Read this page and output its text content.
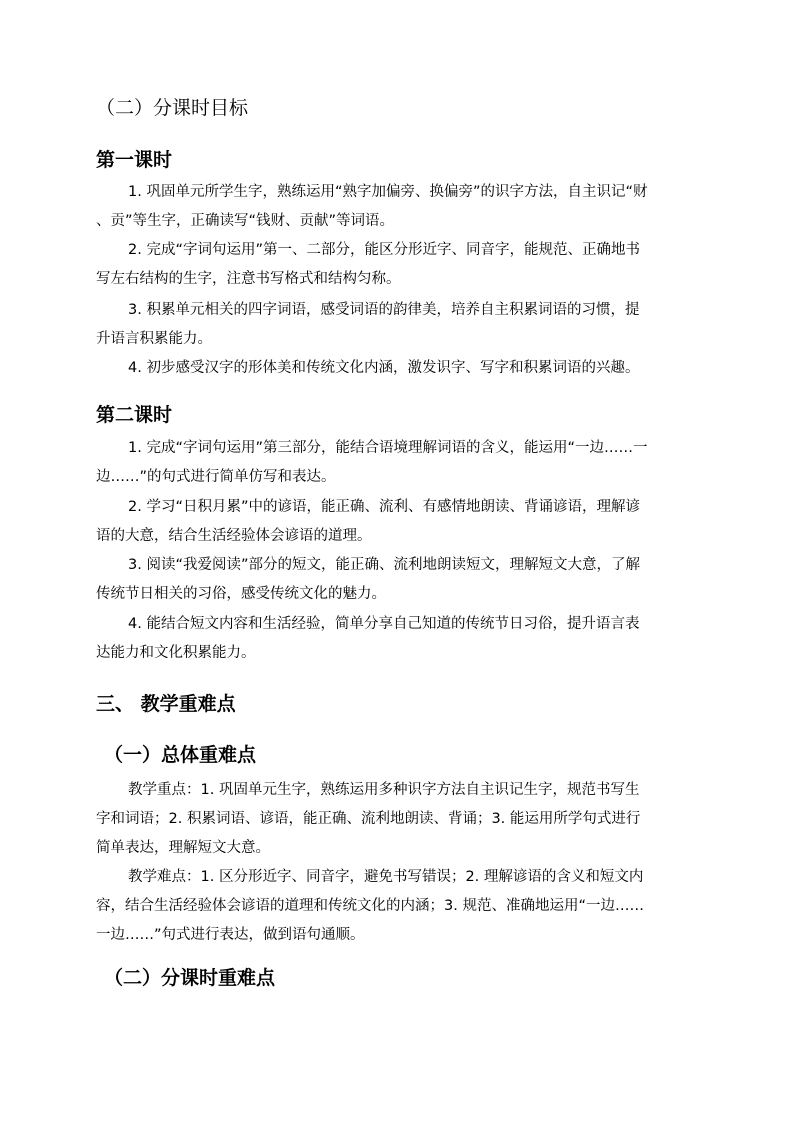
（二）分课时目标
第一课时
1. 巩固单元所学生字，熟练运用“熟字加偏旁、换偏旁”的识字方法，自主识记“财
、贡”等生字，正确读写“钱财、贡献”等词语。
2. 完成“字词句运用”第一、二部分，能区分形近字、同音字，能规范、正确地书
写左右结构的生字，注意书写格式和结构匀称。
3. 积累单元相关的四字词语，感受词语的韵律美，培养自主积累词语的习惯，提
升语言积累能力。
4. 初步感受汉字的形体美和传统文化内涵，激发识字、写字和积累词语的兴趣。
第二课时
1. 完成“字词句运用”第三部分，能结合语境理解词语的含义，能运用“一边……一
边……”的句式进行简单仿写和表达。
2. 学习“日积月累”中的谚语，能正确、流利、有感情地朗读、背诵谚语，理解谚
语的大意，结合生活经验体会谚语的道理。
3. 阅读“我爱阅读”部分的短文，能正确、流利地朗读短文，理解短文大意，了解
传统节日相关的习俗，感受传统文化的魅力。
4. 能结合短文内容和生活经验，简单分享自己知道的传统节日习俗，提升语言表
达能力和文化积累能力。
三、 教学重难点
（一）总体重难点
教学重点：1. 巩固单元生字，熟练运用多种识字方法自主识记生字，规范书写生
字和词语；2. 积累词语、谚语，能正确、流利地朗读、背诵；3. 能运用所学句式进行
简单表达，理解短文大意。
教学难点：1. 区分形近字、同音字，避免书写错误；2. 理解谚语的含义和短文内
容，结合生活经验体会谚语的道理和传统文化的内涵；3. 规范、准确地运用“一边……
一边……”句式进行表达，做到语句通顺。
（二）分课时重难点
